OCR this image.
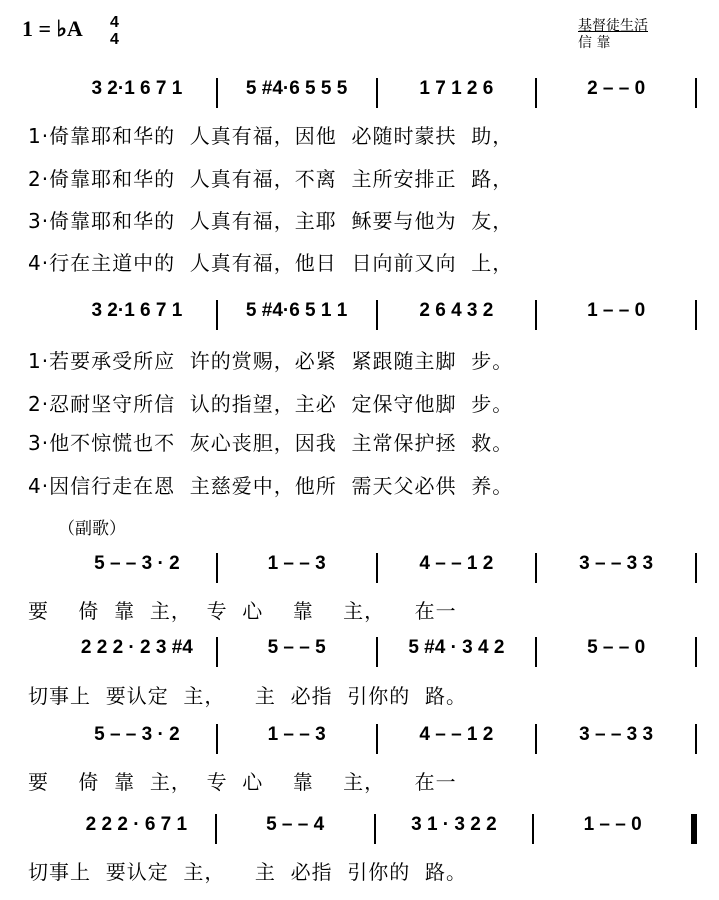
1 = ♭A 4
4
基督徒生活
信 靠
3 2·1 6 7 1	5 #4·6 5 5 5	1 7 1 2 6	2 – – 0
1·倚靠耶和华的  人真有福，因他  必随时蒙扶  助，
2·倚靠耶和华的  人真有福，不离  主所安排正  路，
3·倚靠耶和华的  人真有福，主耶  稣要与他为  友，
4·行在主道中的  人真有福，他日  日向前又向  上，
3 2·1 6 7 1	5 #4·6 5 1 1	2 6 4 3 2	1 – – 0
1·若要承受所应  许的赏赐，必紧  紧跟随主脚  步。
2·忍耐坚守所信  认的指望，主必  定保守他脚  步。
3·他不惊慌也不  灰心丧胆，因我  主常保护拯  救。
4·因信行走在恩  主慈爱中，他所  需天父必供  养。
（副歌）
5 – – 3 · 2	1 – – 3	4 – – 1 2	3 – – 3 3
要    倚  靠  主，  专  心    靠    主，    在一
2 2 2 · 2 3 #4	5 – – 5	5 #4 · 3 4 2	5 – – 0
切事上  要认定  主，    主  必指  引你的  路。
5 – – 3 · 2	1 – – 3	4 – – 1 2	3 – – 3 3
要    倚  靠  主，  专  心    靠    主，    在一
2 2 2 · 6 7 1	5 – – 4	3 1 · 3 2 2	1 – – 0
切事上  要认定  主，    主  必指  引你的  路。
